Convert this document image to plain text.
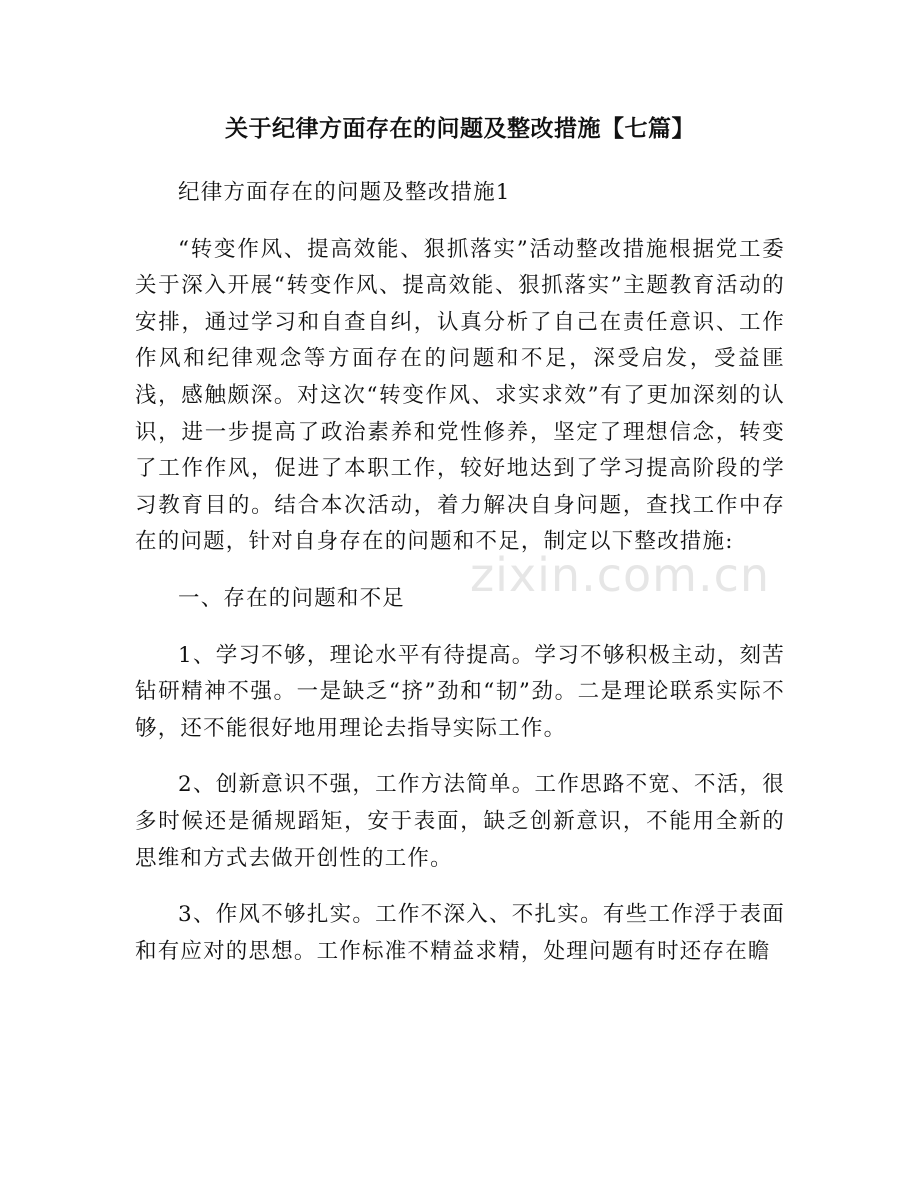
关于纪律方面存在的问题及整改措施【七篇】

纪律方面存在的问题及整改措施1

“转变作风、提高效能、狠抓落实”活动整改措施根据党工委关于深入开展“转变作风、提高效能、狠抓落实”主题教育活动的安排，通过学习和自查自纠，认真分析了自己在责任意识、工作作风和纪律观念等方面存在的问题和不足，深受启发，受益匪浅，感触颇深。对这次“转变作风、求实求效”有了更加深刻的认识，进一步提高了政治素养和党性修养，坚定了理想信念，转变了工作作风，促进了本职工作，较好地达到了学习提高阶段的学习教育目的。结合本次活动，着力解决自身问题，查找工作中存在的问题，针对自身存在的问题和不足，制定以下整改措施:

一、存在的问题和不足

1、学习不够，理论水平有待提高。学习不够积极主动，刻苦钻研精神不强。一是缺乏“挤”劲和“韧”劲。二是理论联系实际不够，还不能很好地用理论去指导实际工作。

2、创新意识不强，工作方法简单。工作思路不宽、不活，很多时候还是循规蹈矩，安于表面，缺乏创新意识，不能用全新的思维和方式去做开创性的工作。

3、作风不够扎实。工作不深入、不扎实。有些工作浮于表面和有应对的思想。工作标准不精益求精，处理问题有时还存在瞻

zixin.com.cn
